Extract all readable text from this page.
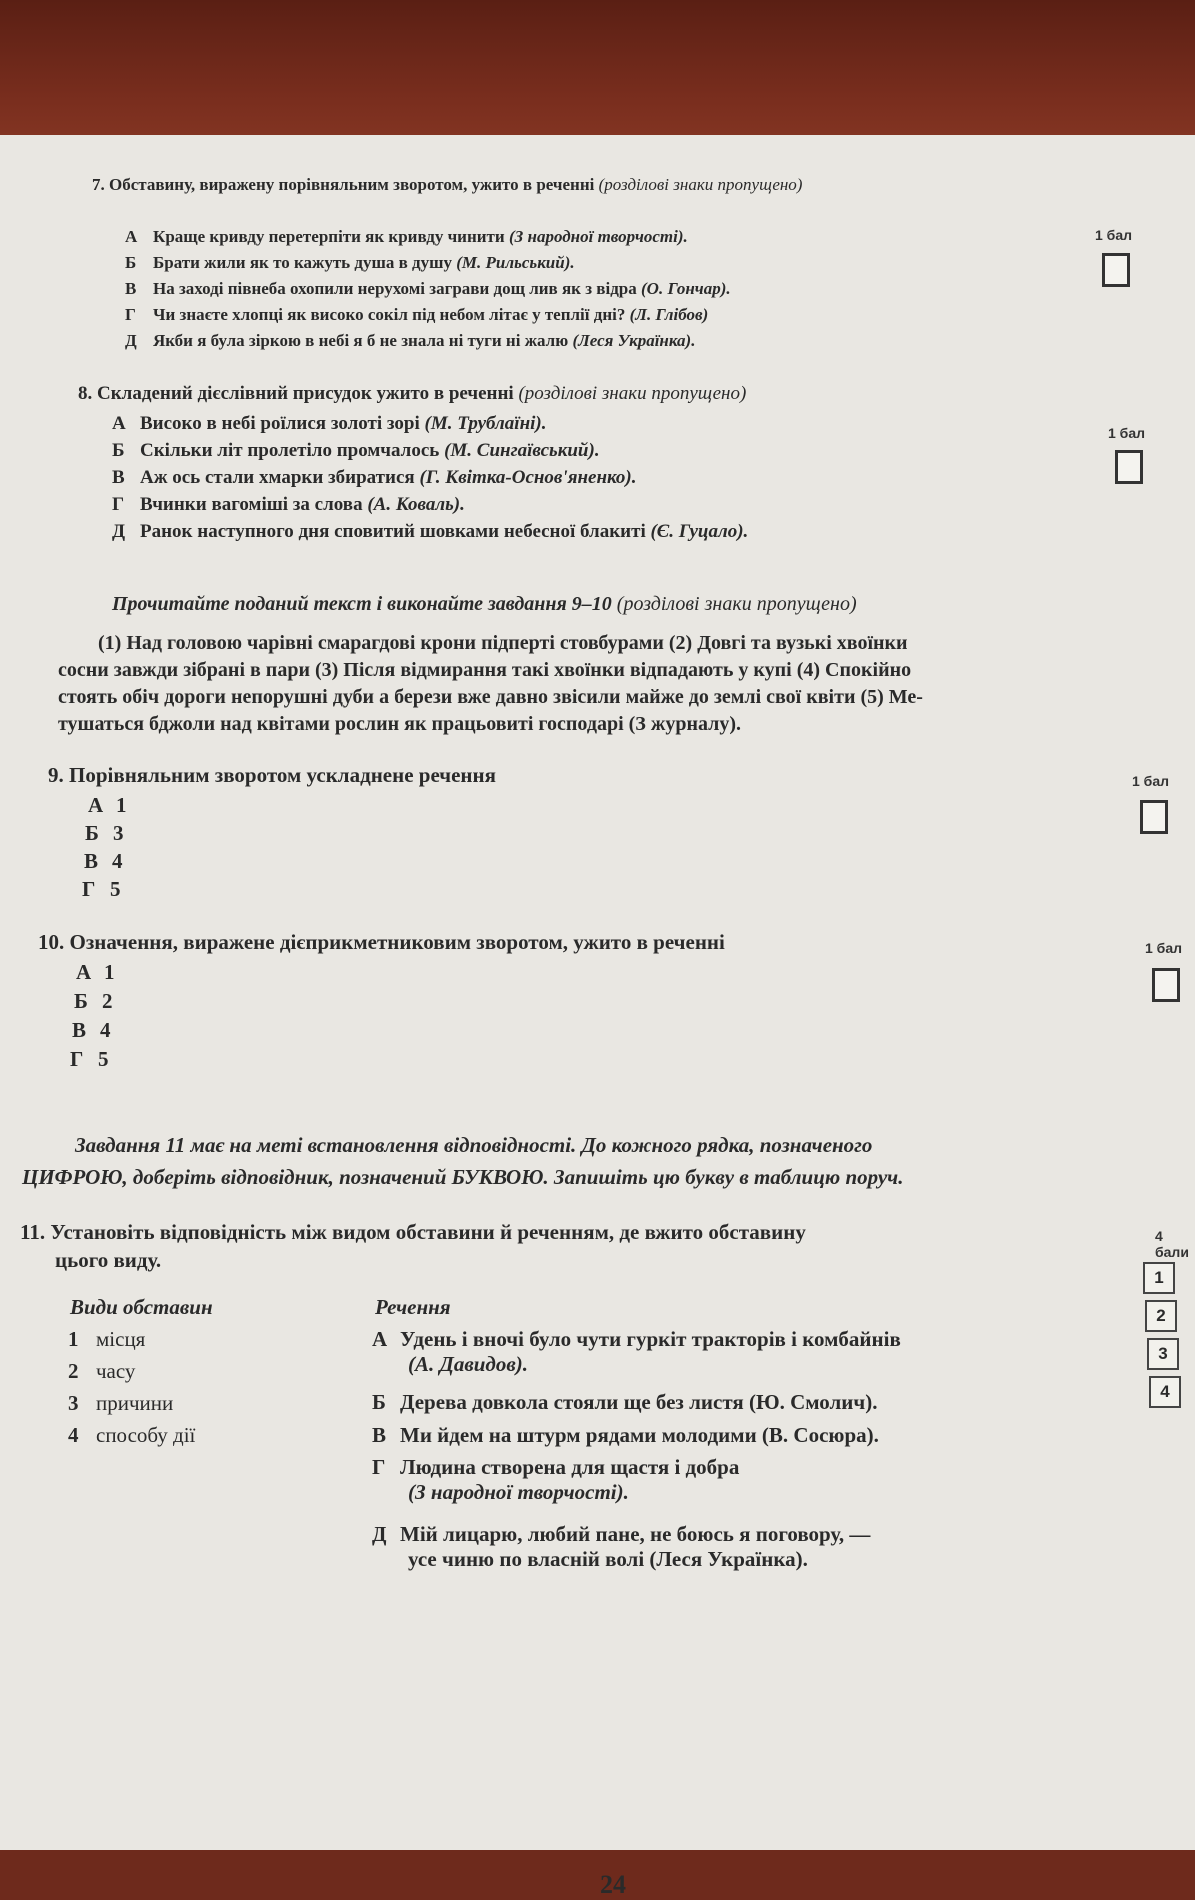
7. Обставину, виражену порівняльним зворотом, ужито в реченні (розділові знаки пропущено)
А Краще кривду перетерпіти як кривду чинити (З народної творчості).
Б Брати жили як то кажуть душа в душу (М. Рильський).
В На заході півнеба охопили нерухомі заграви дощ лив як з відра (О. Гончар).
Г Чи знаєте хлопці як високо сокіл під небом літає у теплії дні? (Л. Глібов)
Д Якби я була зіркою в небі я б не знала ні туги ні жалю (Леся Українка).
1 бал
8. Складений дієслівний присудок ужито в реченні (розділові знаки пропущено)
А Високо в небі роїлися золоті зорі (М. Трублаїні).
Б Скільки літ пролетіло промчалось (М. Сингаївський).
В Аж ось стали хмарки збиратися (Г. Квітка-Основ'яненко).
Г Вчинки вагоміші за слова (А. Коваль).
Д Ранок наступного дня сповитий шовками небесної блакиті (Є. Гуцало).
1 бал
Прочитайте поданий текст і виконайте завдання 9–10 (розділові знаки пропущено)
(1) Над головою чарівні смарагдові крони підперті стовбурами (2) Довгі та вузькі хвоїнки
сосни завжди зібрані в пари (3) Після відмирання такі хвоїнки відпадають у купі (4) Спокійно
стоять обіч дороги непорушні дуби а берези вже давно звісили майже до землі свої квіти (5) Ме-
тушаться бджоли над квітами рослин як працьовиті господарі (З журналу).
9. Порівняльним зворотом ускладнене речення
А 1
Б 3
В 4
Г 5
1 бал
10. Означення, виражене дієприкметниковим зворотом, ужито в реченні
А 1
Б 2
В 4
Г 5
1 бал
Завдання 11 має на меті встановлення відповідності. До кожного рядка, позначеного
ЦИФРОЮ, доберіть відповідник, позначений БУКВОЮ. Запишіть цю букву в таблицю поруч.
11. Установіть відповідність між видом обставини й реченням, де вжито обставину
цього виду.
Види обставин	Речення
1 місця
2 часу
3 причини
4 способу дії
А Удень і вночі було чути гуркіт тракторів і комбайнів
(А. Давидов).
Б Дерева довкола стояли ще без листя (Ю. Смолич).
В Ми йдем на штурм рядами молодими (В. Сосюра).
Г Людина створена для щастя і добра
(З народної творчості).
Д Мій лицарю, любий пане, не боюсь я поговору, —
усе чиню по власній волі (Леся Українка).
4 бали
1
2
3
4
24
